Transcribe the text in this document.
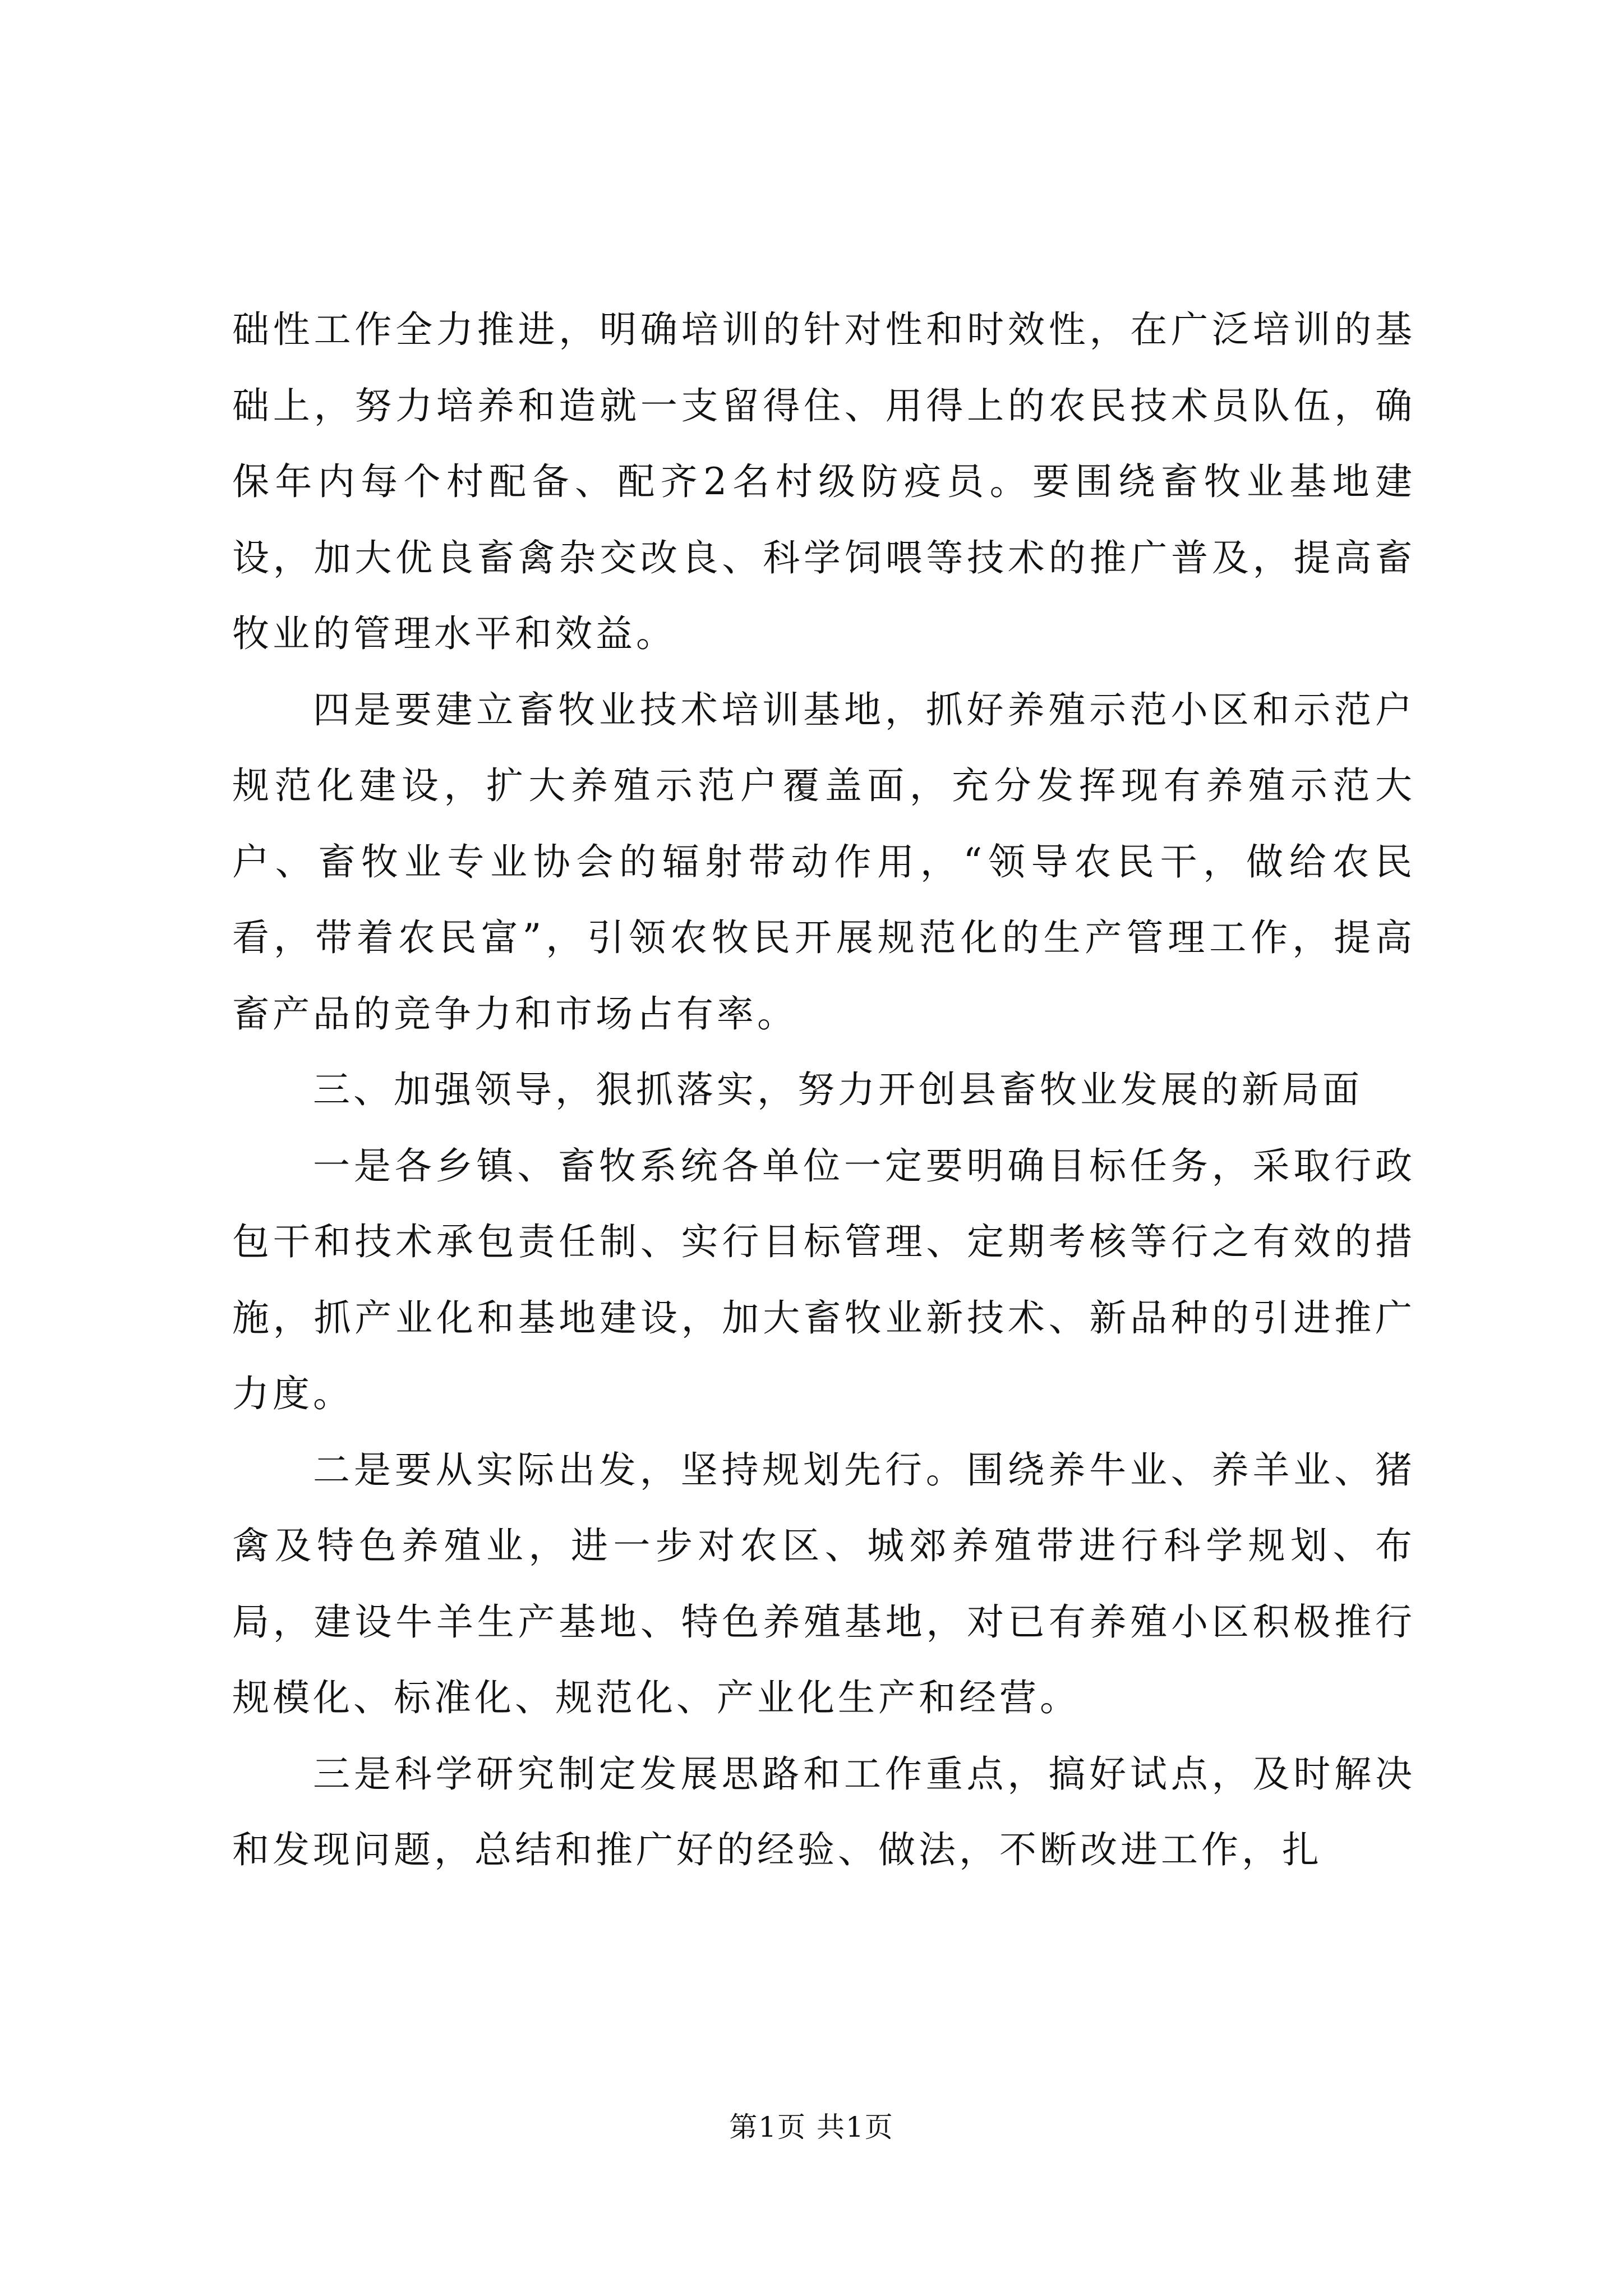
础性工作全力推进，明确培训的针对性和时效性，在广泛培训的基础上，努力培养和造就一支留得住、用得上的农民技术员队伍，确保年内每个村配备、配齐2名村级防疫员。要围绕畜牧业基地建设，加大优良畜禽杂交改良、科学饲喂等技术的推广普及，提高畜牧业的管理水平和效益。

四是要建立畜牧业技术培训基地，抓好养殖示范小区和示范户规范化建设，扩大养殖示范户覆盖面，充分发挥现有养殖示范大户、畜牧业专业协会的辐射带动作用，“领导农民干，做给农民看，带着农民富”，引领农牧民开展规范化的生产管理工作，提高畜产品的竞争力和市场占有率。

三、加强领导，狠抓落实，努力开创县畜牧业发展的新局面

一是各乡镇、畜牧系统各单位一定要明确目标任务，采取行政包干和技术承包责任制、实行目标管理、定期考核等行之有效的措施，抓产业化和基地建设，加大畜牧业新技术、新品种的引进推广力度。

二是要从实际出发，坚持规划先行。围绕养牛业、养羊业、猪禽及特色养殖业，进一步对农区、城郊养殖带进行科学规划、布局，建设牛羊生产基地、特色养殖基地，对已有养殖小区积极推行规模化、标准化、规范化、产业化生产和经营。

三是科学研究制定发展思路和工作重点，搞好试点，及时解决和发现问题，总结和推广好的经验、做法，不断改进工作，扎

第1页 共1页
